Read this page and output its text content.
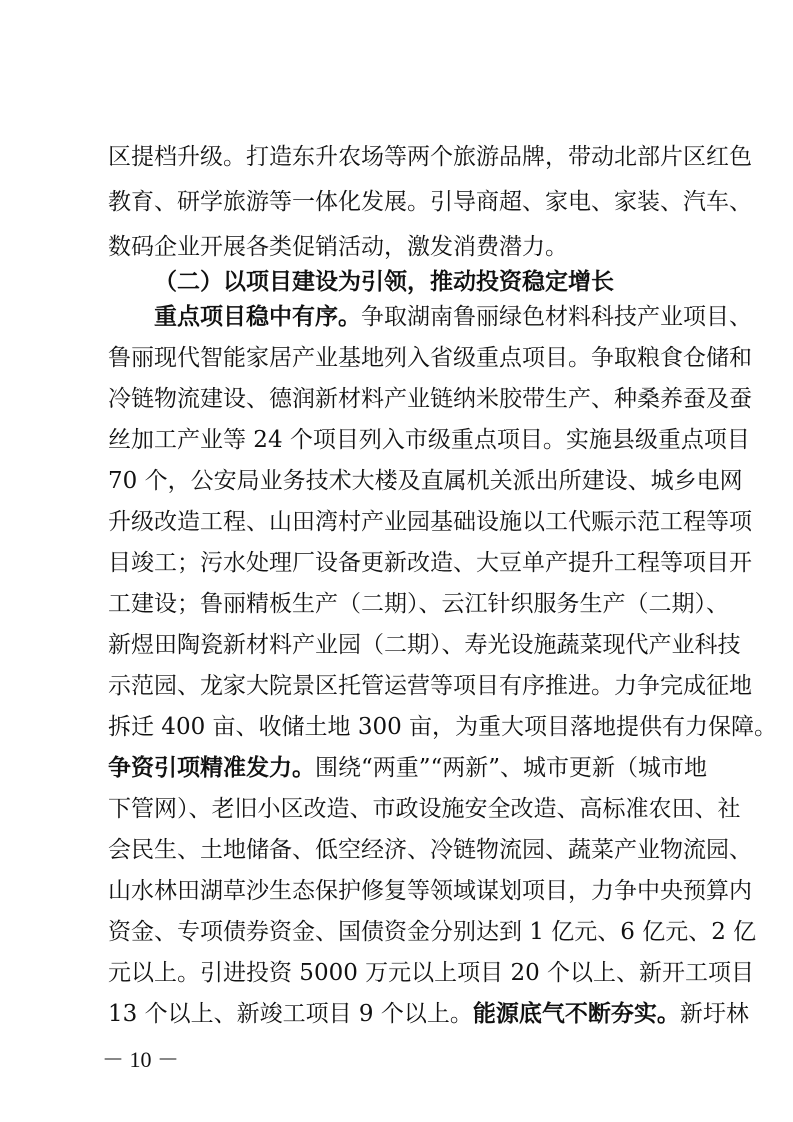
区提档升级。打造东升农场等两个旅游品牌，带动北部片区红色
教育、研学旅游等一体化发展。引导商超、家电、家装、汽车、
数码企业开展各类促销活动，激发消费潜力。
（二）以项目建设为引领，推动投资稳定增长
重点项目稳中有序。争取湖南鲁丽绿色材料科技产业项目、
鲁丽现代智能家居产业基地列入省级重点项目。争取粮食仓储和
冷链物流建设、德润新材料产业链纳米胶带生产、种桑养蚕及蚕
丝加工产业等 24 个项目列入市级重点项目。实施县级重点项目
70 个，公安局业务技术大楼及直属机关派出所建设、城乡电网
升级改造工程、山田湾村产业园基础设施以工代赈示范工程等项
目竣工；污水处理厂设备更新改造、大豆单产提升工程等项目开
工建设；鲁丽精板生产（二期）、云江针织服务生产（二期）、
新煜田陶瓷新材料产业园（二期）、寿光设施蔬菜现代产业科技
示范园、龙家大院景区托管运营等项目有序推进。力争完成征地
拆迁 400 亩、收储土地 300 亩，为重大项目落地提供有力保障。
争资引项精准发力。围绕“两重”“两新”、城市更新（城市地
下管网）、老旧小区改造、市政设施安全改造、高标准农田、社
会民生、土地储备、低空经济、冷链物流园、蔬菜产业物流园、
山水林田湖草沙生态保护修复等领域谋划项目，力争中央预算内
资金、专项债券资金、国债资金分别达到 1 亿元、6 亿元、2 亿
元以上。引进投资 5000 万元以上项目 20 个以上、新开工项目
13 个以上、新竣工项目 9 个以上。能源底气不断夯实。新圩林
－ 10 －
